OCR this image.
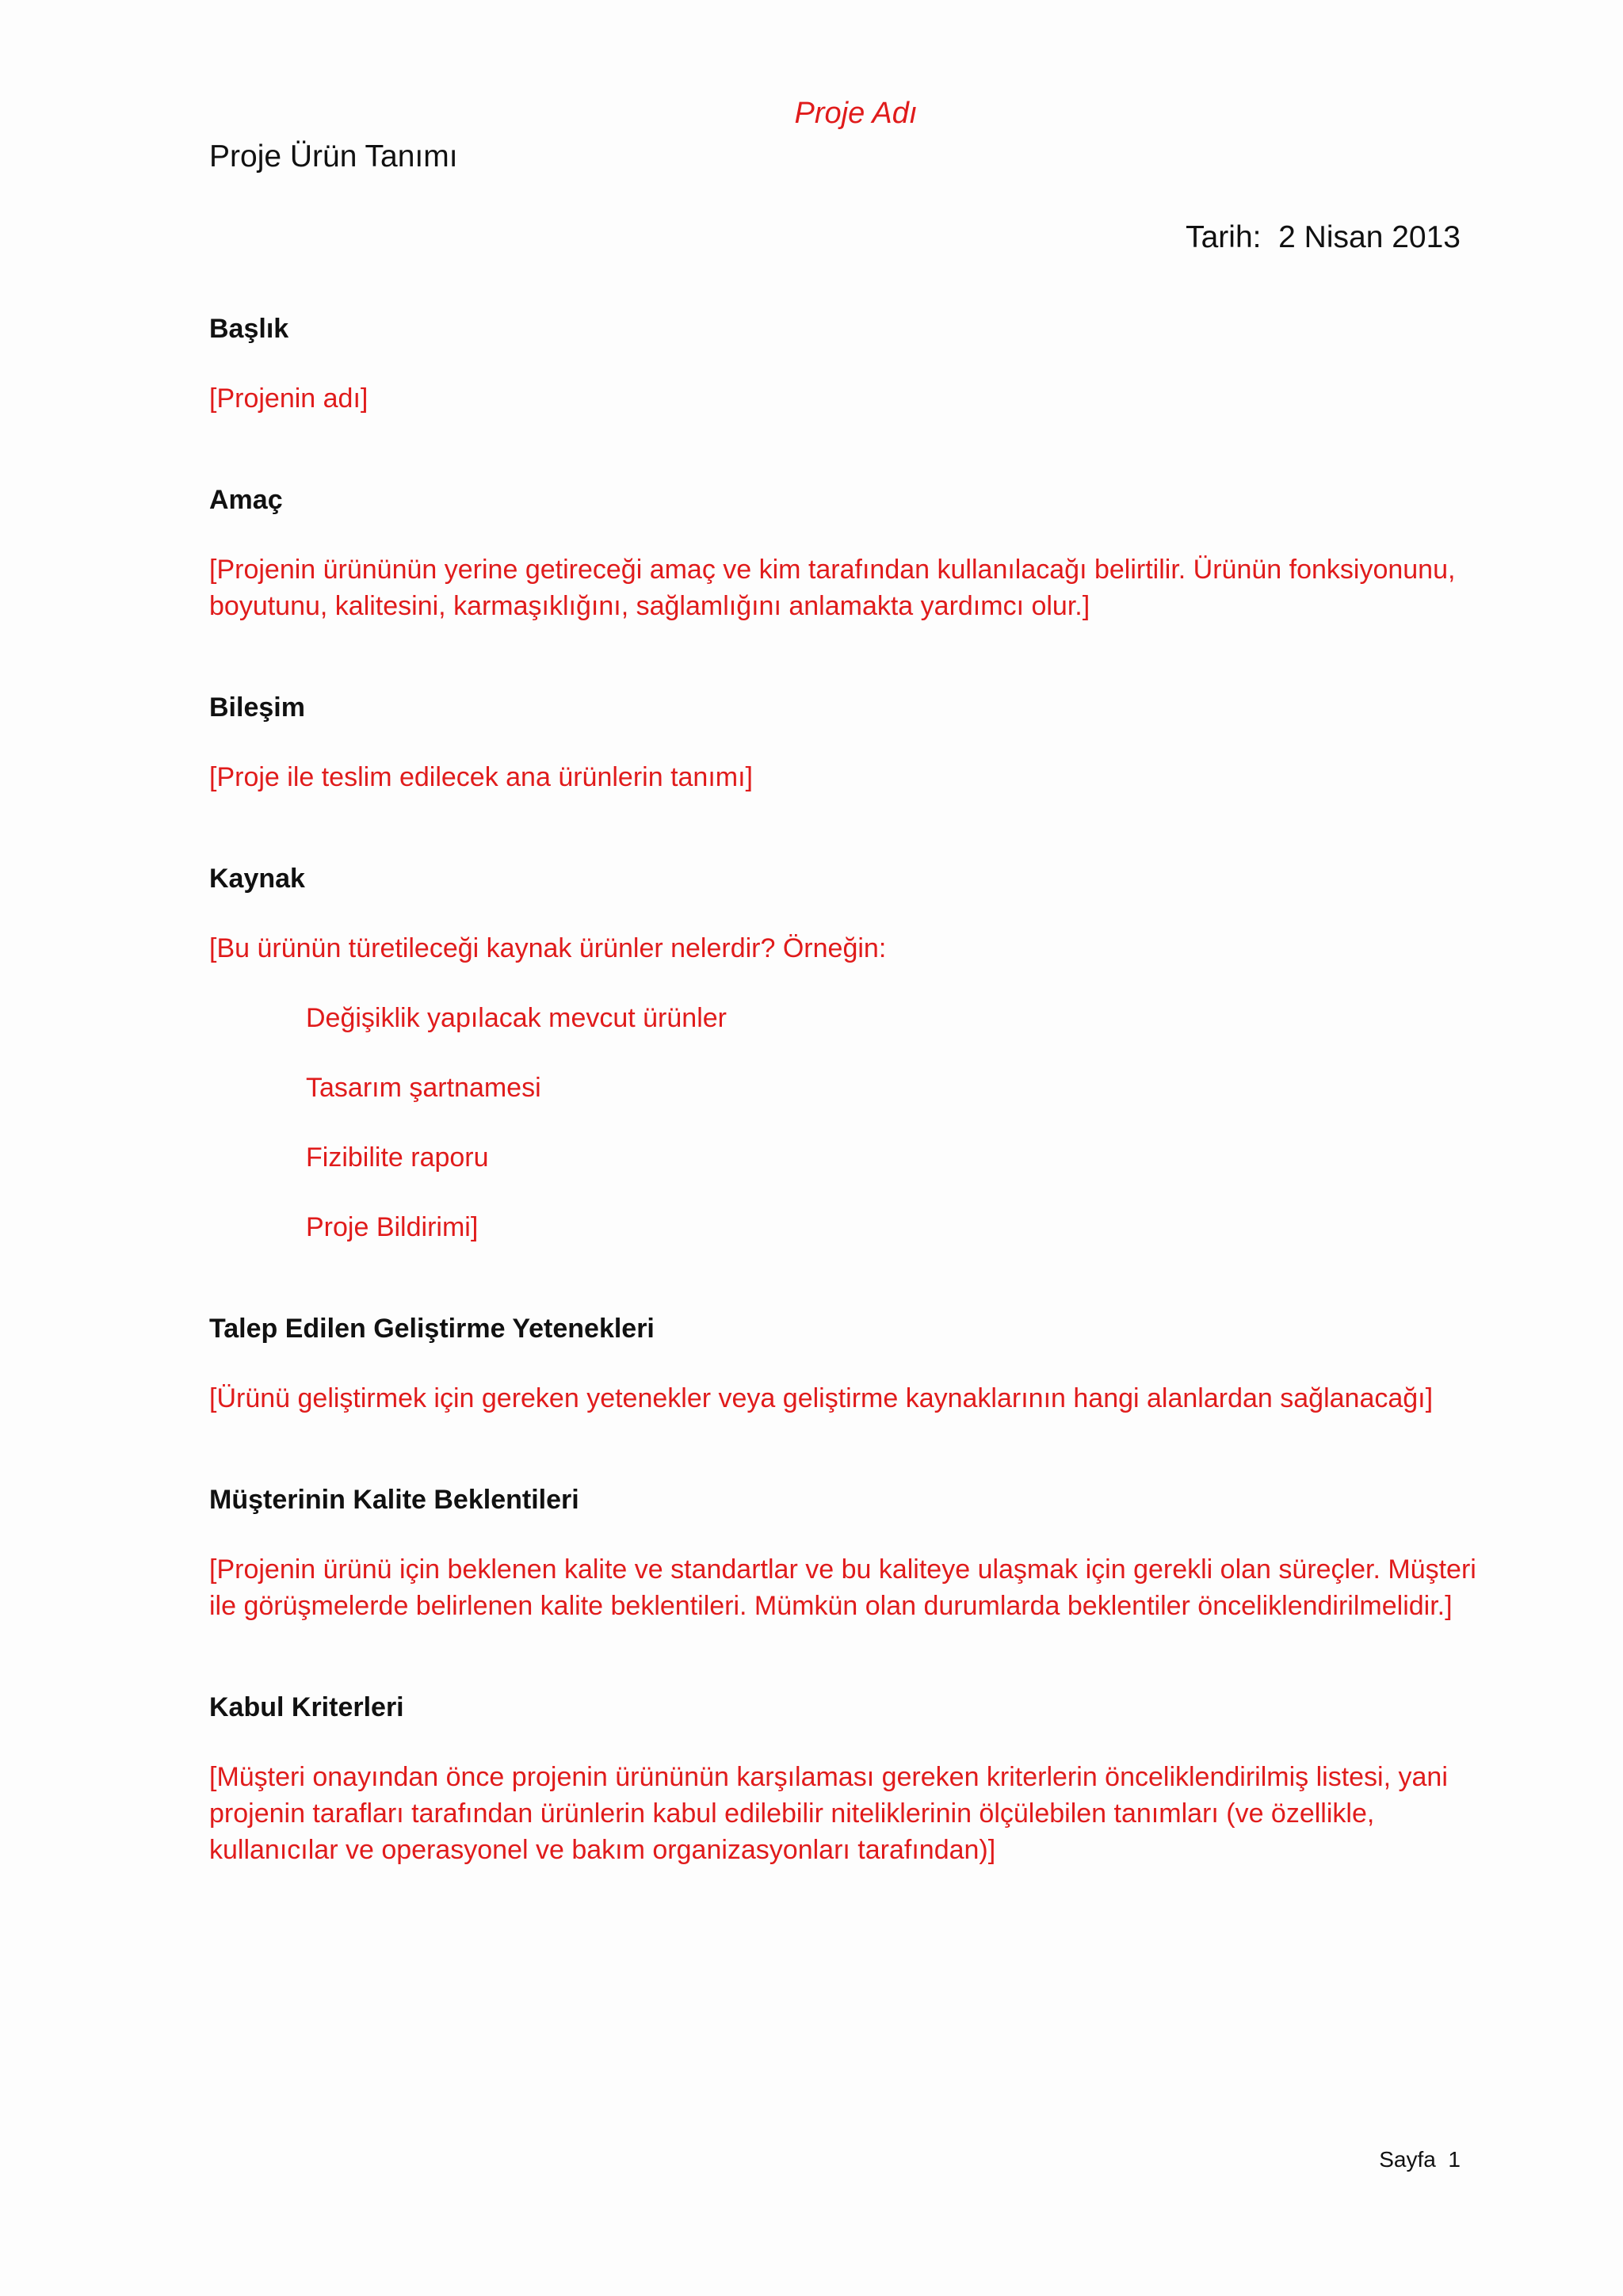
Proje Adı
Proje Ürün Tanımı
Tarih: 2 Nisan 2013
Başlık

[Projenin adı]

Amaç

[Projenin ürününün yerine getireceği amaç ve kim tarafından kullanılacağı belirtilir. Ürünün fonksiyonunu, boyutunu, kalitesini, karmaşıklığını, sağlamlığını anlamakta yardımcı olur.]

Bileşim

[Proje ile teslim edilecek ana ürünlerin tanımı]

Kaynak

[Bu ürünün türetileceği kaynak ürünler nelerdir? Örneğin:

Değişiklik yapılacak mevcut ürünler
Tasarım şartnamesi
Fizibilite raporu
Proje Bildirimi]
Talep Edilen Geliştirme Yetenekleri

[Ürünü geliştirmek için gereken yetenekler veya geliştirme kaynaklarının hangi alanlardan sağlanacağı]

Müşterinin Kalite Beklentileri

[Projenin ürünü için beklenen kalite ve standartlar ve bu kaliteye ulaşmak için gerekli olan süreçler. Müşteri ile görüşmelerde belirlenen kalite beklentileri. Mümkün olan durumlarda beklentiler önceliklendirilmelidir.]

Kabul Kriterleri

[Müşteri onayından önce projenin ürününün karşılaması gereken kriterlerin önceliklendirilmiş listesi, yani projenin tarafları tarafından ürünlerin kabul edilebilir niteliklerinin ölçülebilen tanımları (ve özellikle, kullanıcılar ve operasyonel ve bakım organizasyonları tarafından)]

Sayfa 1
